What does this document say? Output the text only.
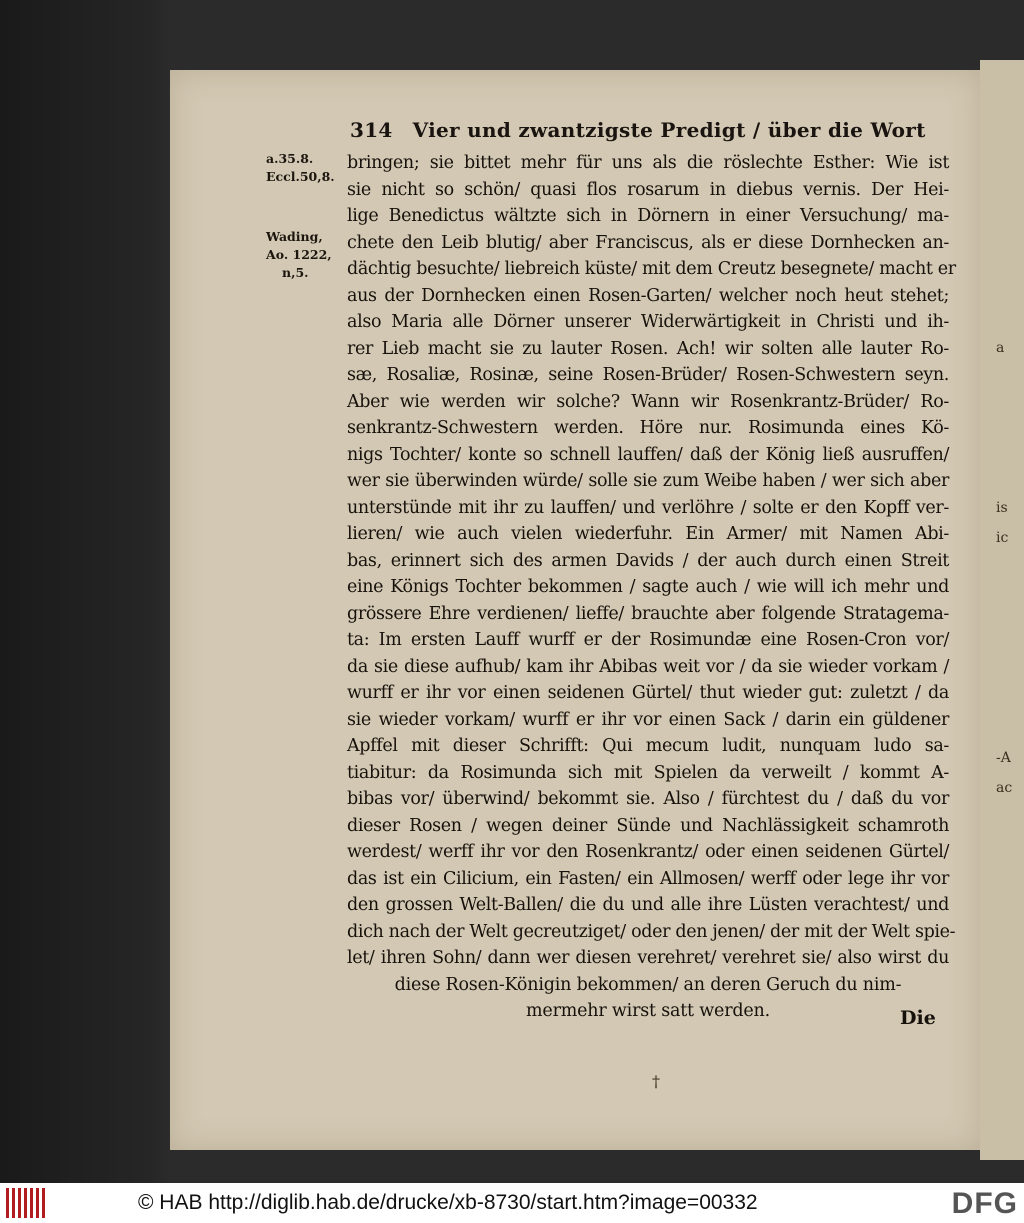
a
is
ic
-A
ac
314 Vier und zwantzigste Predigt / über die Wort
a.35.8.
Eccl.50,8.
Wading,
Ao. 1222,
n,5.
bringen; sie bittet mehr für uns als die röslechte Esther: Wie ist
sie nicht so schön/ quasi flos rosarum in diebus vernis. Der Hei-
lige Benedictus wältzte sich in Dörnern in einer Versuchung/ ma-
chete den Leib blutig/ aber Franciscus, als er diese Dornhecken an-
dächtig besuchte/ liebreich küste/ mit dem Creutz besegnete/ macht er
aus der Dornhecken einen Rosen-Garten/ welcher noch heut stehet;
also Maria alle Dörner unserer Widerwärtigkeit in Christi und ih-
rer Lieb macht sie zu lauter Rosen. Ach! wir solten alle lauter Ro-
sæ, Rosaliæ, Rosinæ, seine Rosen-Brüder/ Rosen-Schwestern seyn.
Aber wie werden wir solche? Wann wir Rosenkrantz-Brüder/ Ro-
senkrantz-Schwestern werden. Höre nur. Rosimunda eines Kö-
nigs Tochter/ konte so schnell lauffen/ daß der König ließ ausruffen/
wer sie überwinden würde/ solle sie zum Weibe haben / wer sich aber
unterstünde mit ihr zu lauffen/ und verlöhre / solte er den Kopff ver-
lieren/ wie auch vielen wiederfuhr. Ein Armer/ mit Namen Abi-
bas, erinnert sich des armen Davids / der auch durch einen Streit
eine Königs Tochter bekommen / sagte auch / wie will ich mehr und
grössere Ehre verdienen/ lieffe/ brauchte aber folgende Stratagema-
ta: Im ersten Lauff wurff er der Rosimundæ eine Rosen-Cron vor/
da sie diese aufhub/ kam ihr Abibas weit vor / da sie wieder vorkam /
wurff er ihr vor einen seidenen Gürtel/ thut wieder gut: zuletzt / da
sie wieder vorkam/ wurff er ihr vor einen Sack / darin ein güldener
Apffel mit dieser Schrifft: Qui mecum ludit, nunquam ludo sa-
tiabitur: da Rosimunda sich mit Spielen da verweilt / kommt A-
bibas vor/ überwind/ bekommt sie. Also / fürchtest du / daß du vor
dieser Rosen / wegen deiner Sünde und Nachlässigkeit schamroth
werdest/ werff ihr vor den Rosenkrantz/ oder einen seidenen Gürtel/
das ist ein Cilicium, ein Fasten/ ein Allmosen/ werff oder lege ihr vor
den grossen Welt-Ballen/ die du und alle ihre Lüsten verachtest/ und
dich nach der Welt gecreutziget/ oder den jenen/ der mit der Welt spie-
let/ ihren Sohn/ dann wer diesen verehret/ verehret sie/ also wirst du
diese Rosen-Königin bekommen/ an deren Geruch du nim-
mermehr wirst satt werden.	Die
†
© HAB http://diglib.hab.de/drucke/xb-8730/start.htm?image=00332	DFG
